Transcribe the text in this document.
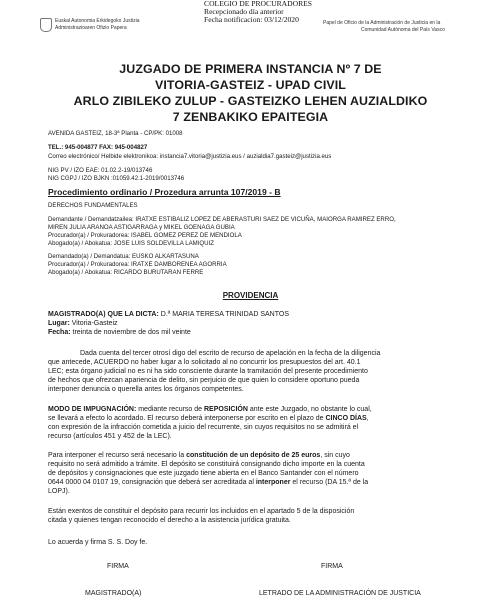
COLEGIO DE PROCURADORES
Recepcionado día anterior
Fecha notificacion: 03/12/2020
Euskal Autonomia Erkidegoko Justizia
Administrazioaren Ofizio Papera
Papel de Oficio de la Administración de Justicia en la
Comunidad Autónoma del País Vasco
JUZGADO DE PRIMERA INSTANCIA Nº 7 DE
VITORIA-GASTEIZ - UPAD CIVIL
ARLO ZIBILEKO ZULUP - GASTEIZKO LEHEN AUZIALDIKO
7 ZENBAKIKO EPAITEGIA
AVENIDA GASTEIZ, 18-3ª Planta - CP/PK: 01008
TEL.: 945-004877 FAX: 945-004827
Correo electrónico/ Helbide elektronikoa: instancia7.vitoria@justizia.eus / auzialdia7.gasteiz@justizia.eus
NIG PV / IZO EAE: 01.02.2-19/013746
NIG CGPJ / IZO BJKN :01059.42.1-2019/0013746
Procedimiento ordinario / Prozedura arrunta 107/2019 - B
DERECHOS FUNDAMENTALES
Demandante / Demandatzailea: IRATXE ESTIBALIZ LOPEZ DE ABERASTURI SAEZ DE VICUÑA, MAIORGA RAMIREZ ERRO,
MIREN JULIA ARANOA ASTIGARRAGA y MIKEL GOENAGA GUBIA
Procurador(a) / Prokuradorea: ISABEL GOMEZ PEREZ DE MENDIOLA
Abogado(a) / Abokatua: JOSE LUIS SOLDEVILLA LAMIQUIZ
Demandado(a) / Demandatua: EUSKO ALKARTASUNA
Procurador(a) / Prokuradorea: IRATXE DAMBORENEA AGORRIA
Abogado(a) / Abokatua: RICARDO BURUTARAN FERRE
PROVIDENCIA
MAGISTRADO(A) QUE LA DICTA: D.ª MARIA TERESA TRINIDAD SANTOS
Lugar: Vitoria-Gasteiz
Fecha: treinta de noviembre de dos mil veinte
Dada cuenta del tercer otrosí digo del escrito de recurso de apelación en la fecha de la diligencia
que antecede, ACUERDO no haber lugar a lo solicitado al no concurrir los presupuestos del art. 40.1
LEC; esta órgano judicial no es ni ha sido consciente durante la tramitación del presente procedimiento
de hechos que ofrezcan apariencia de delito, sin perjuicio de que quien lo considere oportuno pueda
interponer denuncia o querella antes los órganos competentes.
MODO DE IMPUGNACIÓN: mediante recurso de REPOSICIÓN ante este Juzgado, no obstante lo cual,
se llevará a efecto lo acordado. El recurso deberá interponerse por escrito en el plazo de CINCO DÍAS,
con expresión de la infracción cometida a juicio del recurrente, sin cuyos requisitos no se admitirá el
recurso (artículos 451 y 452 de la LEC).
Para interponer el recurso será necesario la constitución de un depósito de 25 euros, sin cuyo
requisito no será admitido a trámite. El depósito se constituirá consignando dicho importe en la cuenta
de depósitos y consignaciones que este juzgado tiene abierta en el Banco Santander con el número
0644 0000 04 0107 19, consignación que deberá ser acreditada al interponer el recurso (DA 15.ª de la
LOPJ).
Están exentos de constituir el depósito para recurrir los incluidos en el apartado 5 de la disposición
citada y quienes tengan reconocido el derecho a la asistencia jurídica gratuita.
Lo acuerda y firma S. S. Doy fe.
FIRMA	FIRMA
MAGISTRADO(A)	LETRADO DE LA ADMINISTRACIÓN DE JUSTICIA
